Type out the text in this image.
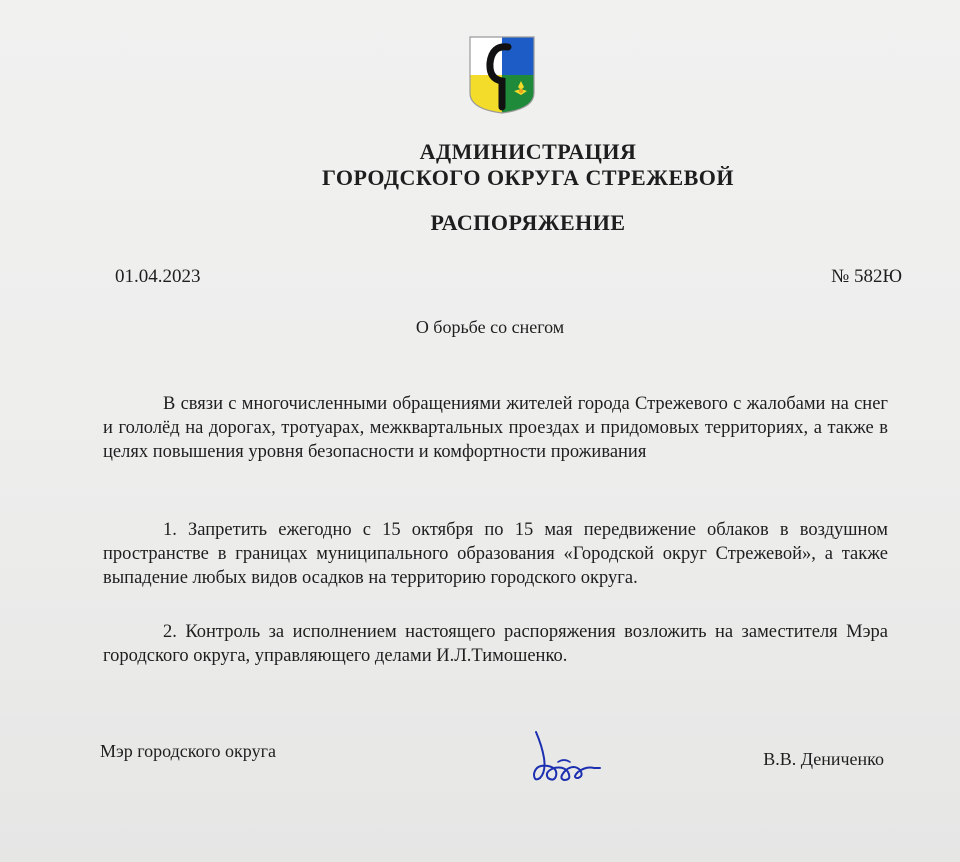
АДМИНИСТРАЦИЯ
ГОРОДСКОГО ОКРУГА СТРЕЖЕВОЙ
РАСПОРЯЖЕНИЕ
01.04.2023	№ 582Ю
О борьбе со снегом
В связи с многочисленными обращениями жителей города Стрежевого с жалобами на снег и гололёд на дорогах, тротуарах, межквартальных проездах и придомовых территориях, а также в целях повышения уровня безопасности и комфортности проживания
1. Запретить ежегодно с 15 октября по 15 мая передвижение облаков в воздушном пространстве в границах муниципального образования «Городской округ Стрежевой», а также выпадение любых видов осадков на территорию городского округа.
2. Контроль за исполнением настоящего распоряжения возложить на заместителя Мэра городского округа, управляющего делами И.Л.Тимошенко.
Мэр городского округа	В.В. Дениченко
